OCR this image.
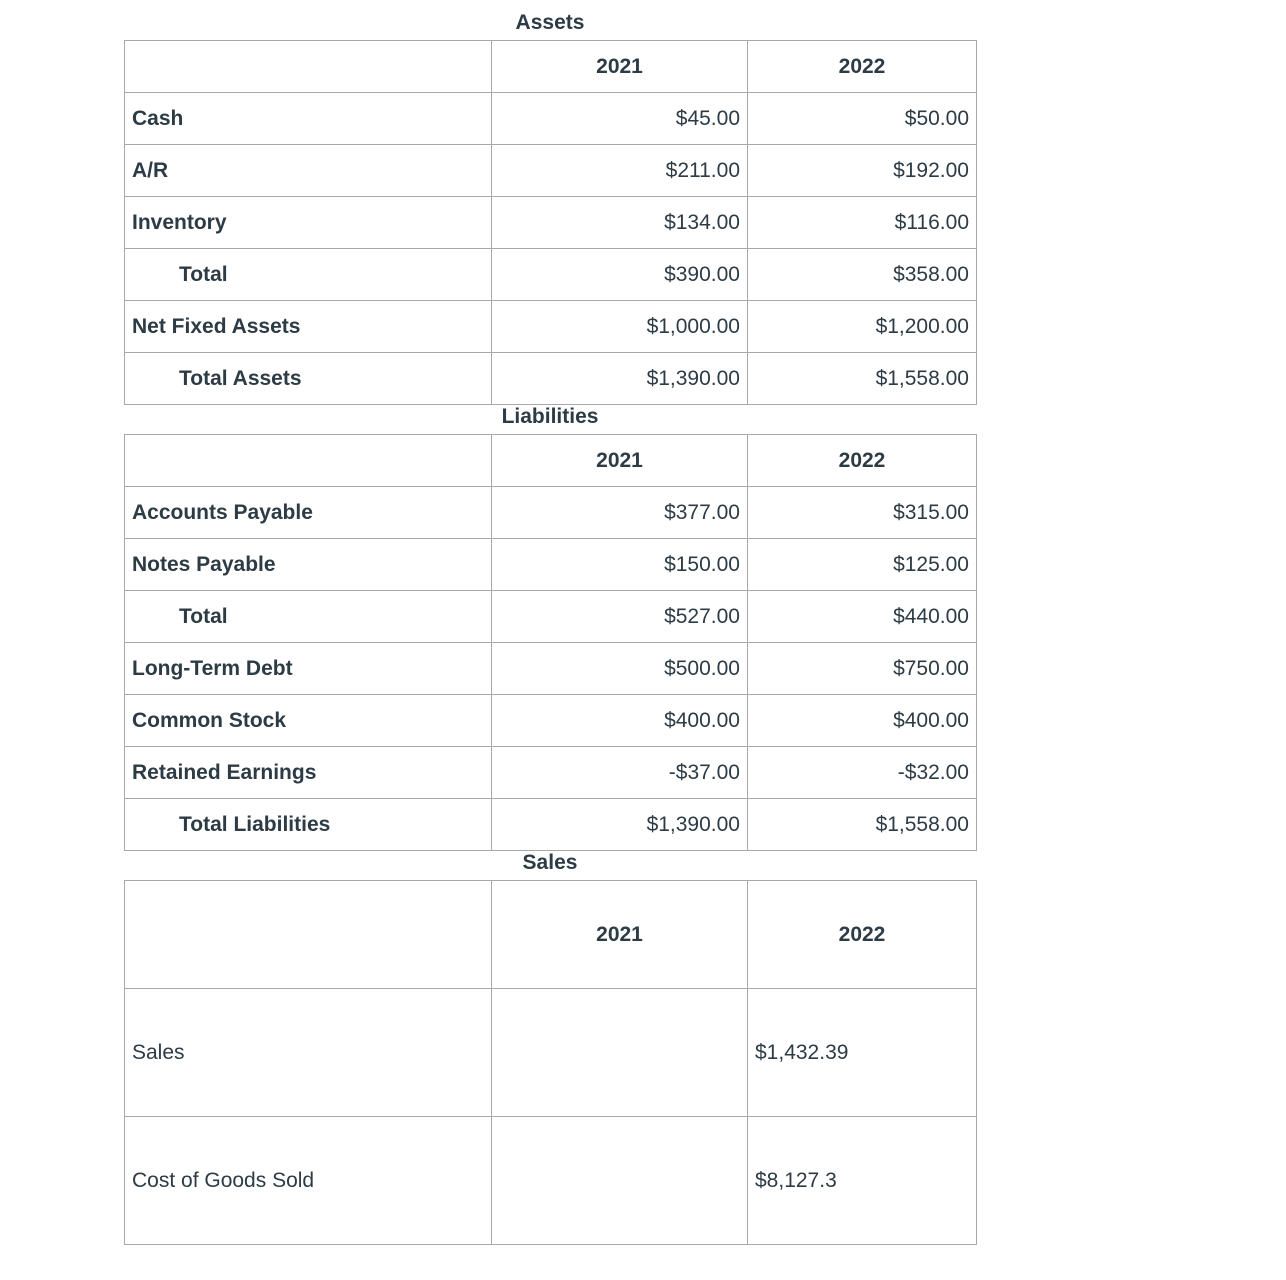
Assets
	2021	2022
Cash	$45.00	$50.00
A/R	$211.00	$192.00
Inventory	$134.00	$116.00
Total	$390.00	$358.00
Net Fixed Assets	$1,000.00	$1,200.00
Total Assets	$1,390.00	$1,558.00
Liabilities
	2021	2022
Accounts Payable	$377.00	$315.00
Notes Payable	$150.00	$125.00
Total	$527.00	$440.00
Long-Term Debt	$500.00	$750.00
Common Stock	$400.00	$400.00
Retained Earnings	-$37.00	-$32.00
Total Liabilities	$1,390.00	$1,558.00
Sales
	2021	2022
Sales		$1,432.39
Cost of Goods Sold		$8,127.3
